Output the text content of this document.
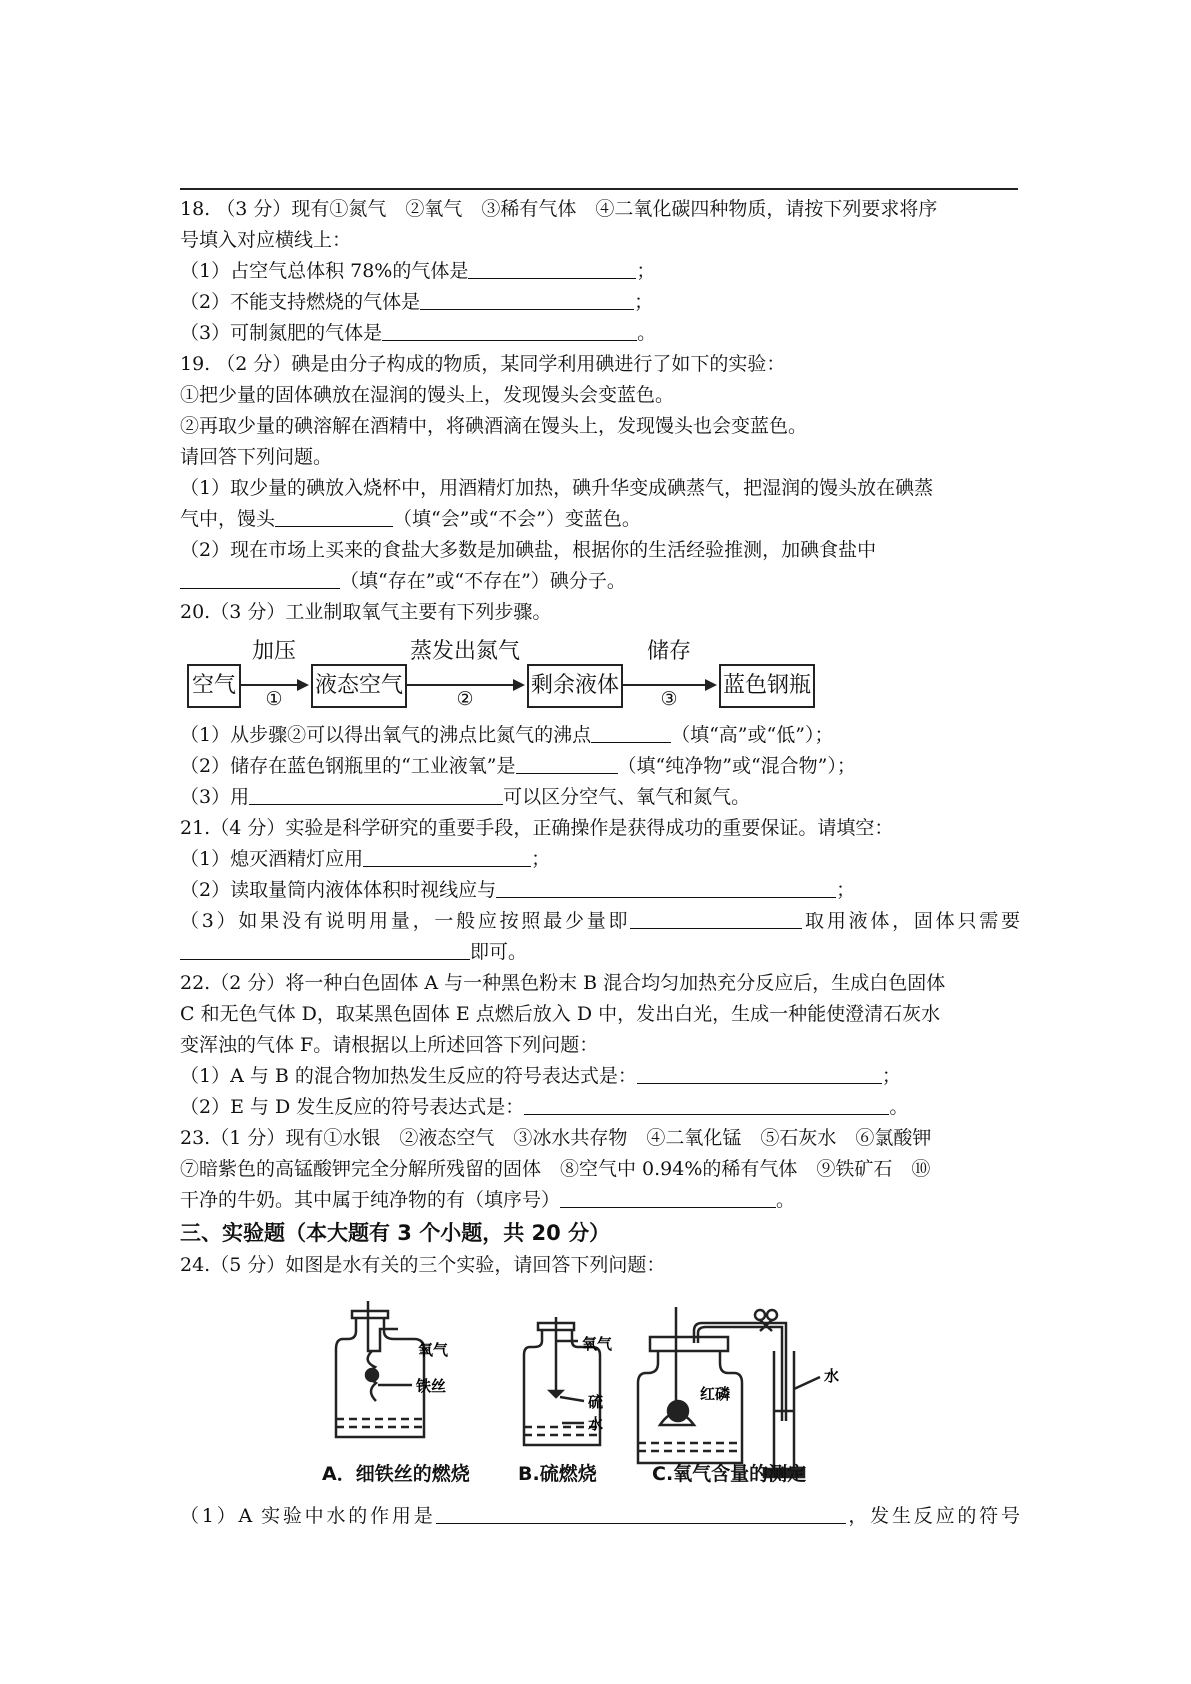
18. （3 分）现有①氮气　②氧气　③稀有气体　④二氧化碳四种物质，请按下列要求将序
号填入对应横线上：
（1）占空气总体积 78%的气体是	；
（2）不能支持燃烧的气体是	；
（3）可制氮肥的气体是	。
19. （2 分）碘是由分子构成的物质，某同学利用碘进行了如下的实验：
①把少量的固体碘放在湿润的馒头上，发现馒头会变蓝色。
②再取少量的碘溶解在酒精中，将碘酒滴在馒头上，发现馒头也会变蓝色。
请回答下列问题。
（1）取少量的碘放入烧杯中，用酒精灯加热，碘升华变成碘蒸气，把湿润的馒头放在碘蒸
气中，馒头	（填“会”或“不会”）变蓝色。
（2）现在市场上买来的食盐大多数是加碘盐，根据你的生活经验推测，加碘食盐中
（填“存在”或“不存在”）碘分子。
20.（3 分）工业制取氧气主要有下列步骤。
空气
加压
①
液态空气
蒸发出氮气
②
剩余液体
储存
③
蓝色钢瓶
（1）从步骤②可以得出氧气的沸点比氮气的沸点	（填“高”或“低”）；
（2）储存在蓝色钢瓶里的“工业液氧”是	（填“纯净物”或“混合物”）；
（3）用	可以区分空气、氧气和氮气。
21.（4 分）实验是科学研究的重要手段，正确操作是获得成功的重要保证。请填空：
（1）熄灭酒精灯应用	；
（2）读取量筒内液体体积时视线应与	；
（3）如果没有说明用量，一般应按照最少量即	取用液体，固体只需要
即可。
22.（2 分）将一种白色固体 A 与一种黑色粉末 B 混合均匀加热充分反应后，生成白色固体
C 和无色气体 D，取某黑色固体 E 点燃后放入 D 中，发出白光，生成一种能使澄清石灰水
变浑浊的气体 F。请根据以上所述回答下列问题：
（1）A 与 B 的混合物加热发生反应的符号表达式是：	；
（2）E 与 D 发生反应的符号表达式是：	。
23.（1 分）现有①水银　②液态空气　③冰水共存物　④二氧化锰　⑤石灰水　⑥氯酸钾
⑦暗紫色的高锰酸钾完全分解所残留的固体　⑧空气中 0.94%的稀有气体　⑨铁矿石　⑩
干净的牛奶。其中属于纯净物的有（填序号）	。
三、实验题（本大题有 3 个小题，共 20 分）
24.（5 分）如图是水有关的三个实验，请回答下列问题：
氧气
铁丝
氧气
硫
水
红磷
水
A．细铁丝的燃烧	B.硫燃烧	C.氧气含量的测定
（1）A 实验中水的作用是	，发生反应的符号
